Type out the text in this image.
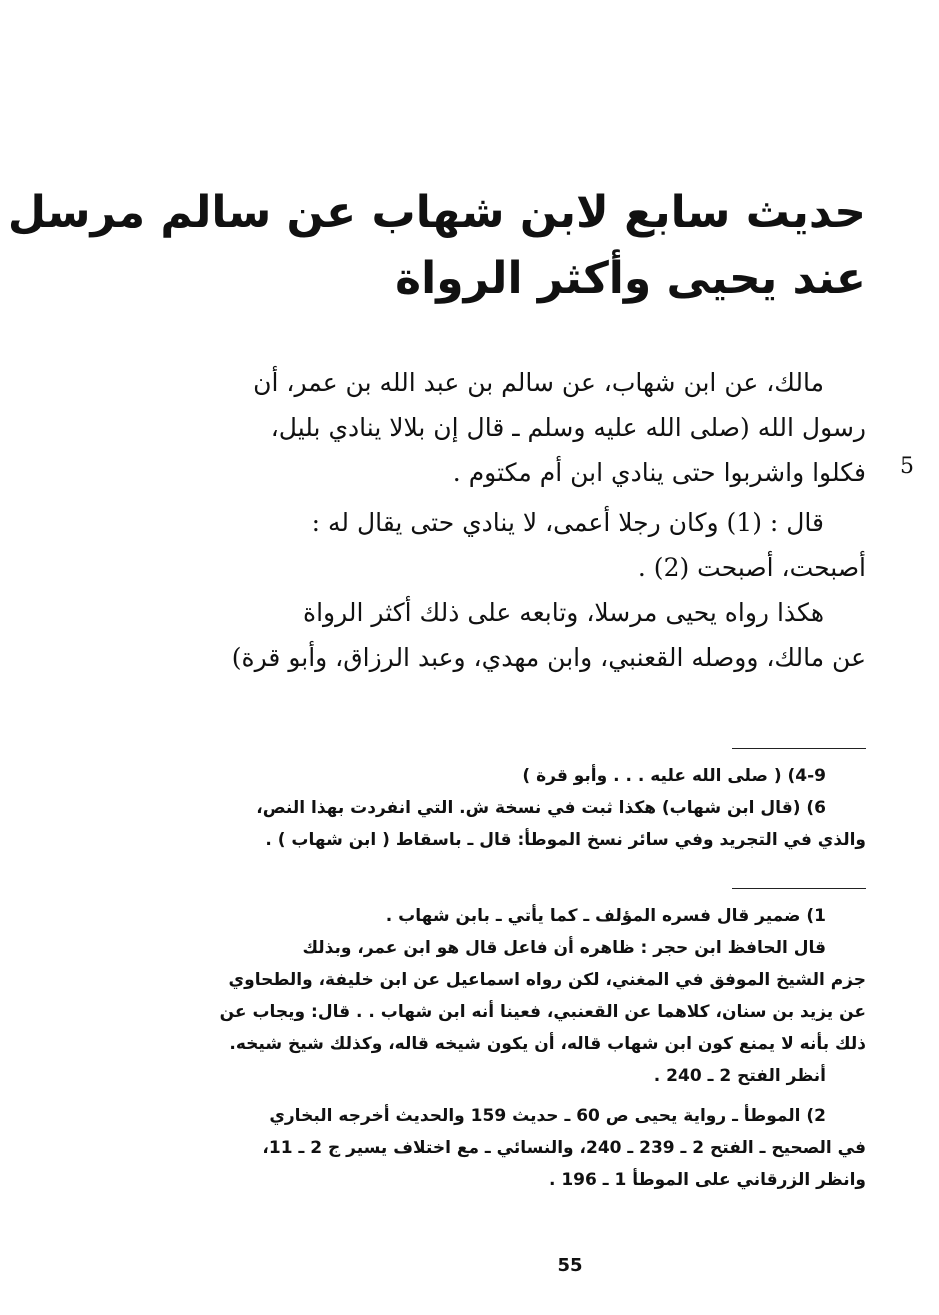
حديث سابع لابن شهاب عن سالم مرسل
عند يحيى وأكثر الرواة
مالك، عن ابن شهاب، عن سالم بن عبد الله بن عمر، أن
رسول الله (صلى الله عليه وسلم ـ قال إن بلالا ينادي بليل،
فكلوا واشربوا حتى ينادي ابن أم مكتوم . 5
قال : (1) وكان رجلا أعمى، لا ينادي حتى يقال له :
أصبحت، أصبحت (2) .
هكذا رواه يحيى مرسلا، وتابعه على ذلك أكثر الرواة
عن مالك، ووصله القعنبي، وابن مهدي، وعبد الرزاق، وأبو قرة)
4-9) ( صلى الله عليه . . . وأبو قرة )
6) (قال ابن شهاب) هكذا ثبت في نسخة ش. التي انفردت بهذا النص،
والذي في التجريد وفي سائر نسخ الموطأ: قال ـ باسقاط ( ابن شهاب ) .
1) ضمير قال فسره المؤلف ـ كما يأتي ـ بابن شهاب .
قال الحافظ ابن حجر : ظاهره أن فاعل قال هو ابن عمر، وبذلك
جزم الشيخ الموفق في المغني، لكن رواه اسماعيل عن ابن خليفة، والطحاوي
عن يزيد بن سنان، كلاهما عن القعنبي، فعينا أنه ابن شهاب . . قال: ويجاب عن
ذلك بأنه لا يمنع كون ابن شهاب قاله، أن يكون شيخه قاله، وكذلك شيخ شيخه.
أنظر الفتح 2 ـ 240 .
2) الموطأ ـ رواية يحيى ص 60 ـ حديث 159 والحديث أخرجه البخاري
في الصحيح ـ الفتح 2 ـ 239 ـ 240، والنسائي ـ مع اختلاف يسير ج 2 ـ 11،
وانظر الزرقاني على الموطأ 1 ـ 196 .
55
